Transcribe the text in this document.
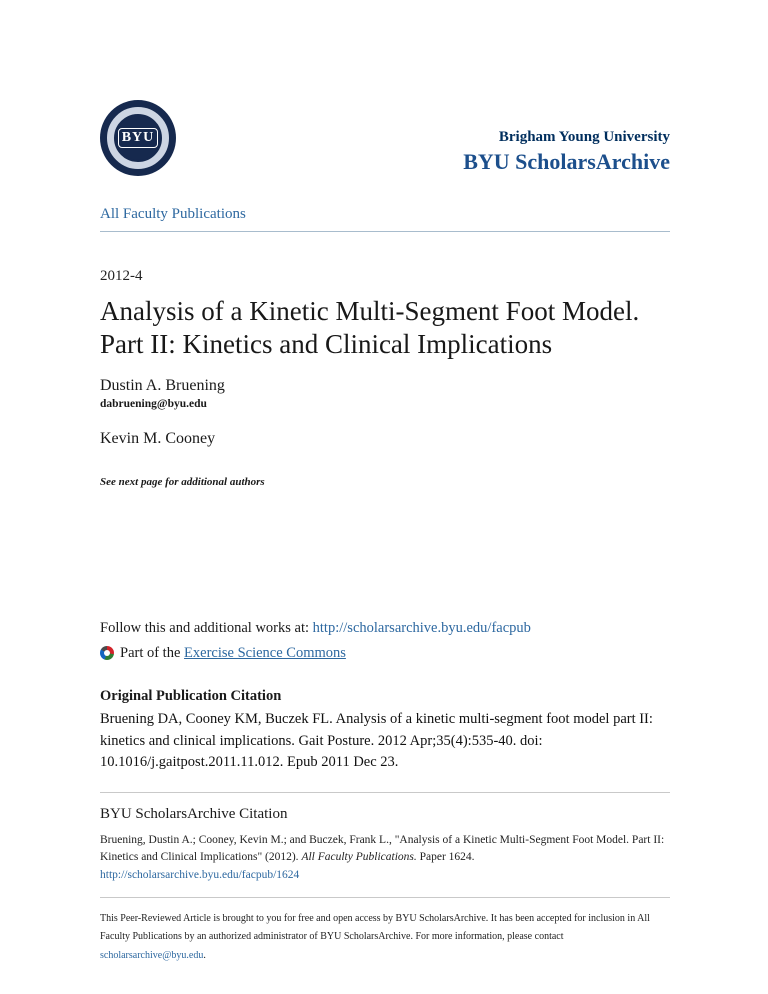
BYU	Brigham Young University
BYU ScholarsArchive
All Faculty Publications
2012-4
Analysis of a Kinetic Multi-Segment Foot Model.
Part II: Kinetics and Clinical Implications
Dustin A. Bruening
dabruening@byu.edu
Kevin M. Cooney
See next page for additional authors
Follow this and additional works at: http://scholarsarchive.byu.edu/facpub
Part of the
Exercise Science Commons
Original Publication Citation
Bruening DA, Cooney KM, Buczek FL. Analysis of a kinetic multi-segment foot model part II: kinetics and clinical implications. Gait Posture. 2012 Apr;35(4):535-40. doi: 10.1016/j.gaitpost.2011.11.012. Epub 2011 Dec 23.
BYU ScholarsArchive Citation
Bruening, Dustin A.; Cooney, Kevin M.; and Buczek, Frank L., "Analysis of a Kinetic Multi-Segment Foot Model. Part II: Kinetics and Clinical Implications" (2012). All Faculty Publications. Paper 1624.
http://scholarsarchive.byu.edu/facpub/1624
This Peer-Reviewed Article is brought to you for free and open access by BYU ScholarsArchive. It has been accepted for inclusion in All Faculty Publications by an authorized administrator of BYU ScholarsArchive. For more information, please contact scholarsarchive@byu.edu.
